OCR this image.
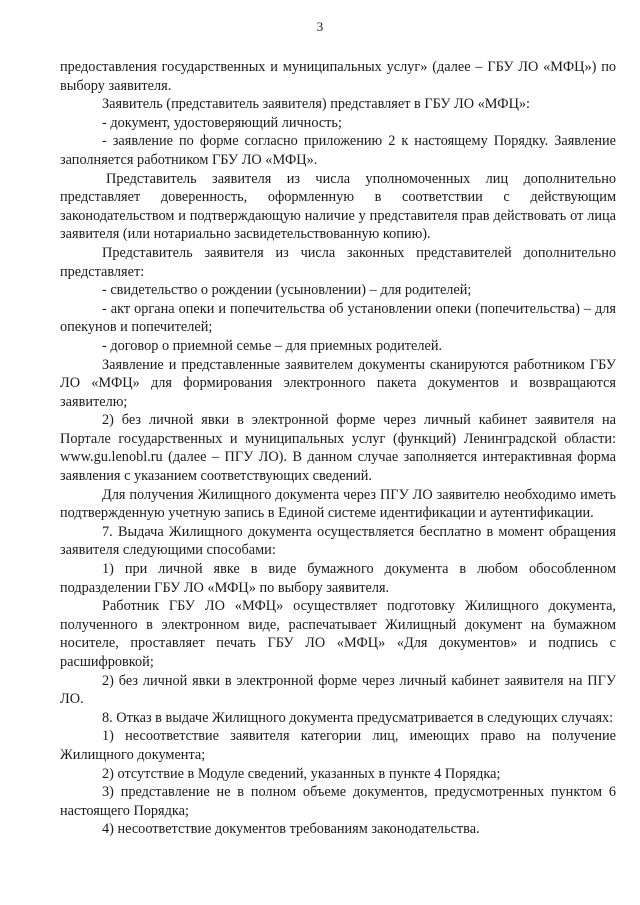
3

предоставления государственных и муниципальных услуг» (далее – ГБУ ЛО «МФЦ») по выбору заявителя.

Заявитель (представитель заявителя) представляет в ГБУ ЛО «МФЦ»:

- документ, удостоверяющий личность;

- заявление по форме согласно приложению 2 к настоящему Порядку. Заявление заполняется работником ГБУ ЛО «МФЦ».

Представитель заявителя из числа уполномоченных лиц дополнительно представляет доверенность, оформленную в соответствии с действующим законодательством и подтверждающую наличие у представителя прав действовать от лица заявителя (или нотариально засвидетельствованную копию).

Представитель заявителя из числа законных представителей дополнительно представляет:

- свидетельство о рождении (усыновлении) – для родителей;

- акт органа опеки и попечительства об установлении опеки (попечительства) – для опекунов и попечителей;

- договор о приемной семье – для приемных родителей.

Заявление и представленные заявителем документы сканируются работником ГБУ ЛО «МФЦ» для формирования электронного пакета документов и возвращаются заявителю;

2) без личной явки в электронной форме через личный кабинет заявителя на Портале государственных и муниципальных услуг (функций) Ленинградской области: www.gu.lenobl.ru (далее – ПГУ ЛО). В данном случае заполняется интерактивная форма заявления с указанием соответствующих сведений.

Для получения Жилищного документа через ПГУ ЛО заявителю необходимо иметь подтвержденную учетную запись в Единой системе идентификации и аутентификации.

7. Выдача Жилищного документа осуществляется бесплатно в момент обращения заявителя следующими способами:

1) при личной явке в виде бумажного документа в любом обособленном подразделении ГБУ ЛО «МФЦ» по выбору заявителя.

Работник ГБУ ЛО «МФЦ» осуществляет подготовку Жилищного документа, полученного в электронном виде, распечатывает Жилищный документ на бумажном носителе, проставляет печать ГБУ ЛО «МФЦ» «Для документов» и подпись с расшифровкой;

2) без личной явки в электронной форме через личный кабинет заявителя на ПГУ ЛО.

8. Отказ в выдаче Жилищного документа предусматривается в следующих случаях:

1) несоответствие заявителя категории лиц, имеющих право на получение Жилищного документа;

2) отсутствие в Модуле сведений, указанных в пункте 4 Порядка;

3) представление не в полном объеме документов, предусмотренных пунктом 6 настоящего Порядка;

4) несоответствие документов требованиям законодательства.
